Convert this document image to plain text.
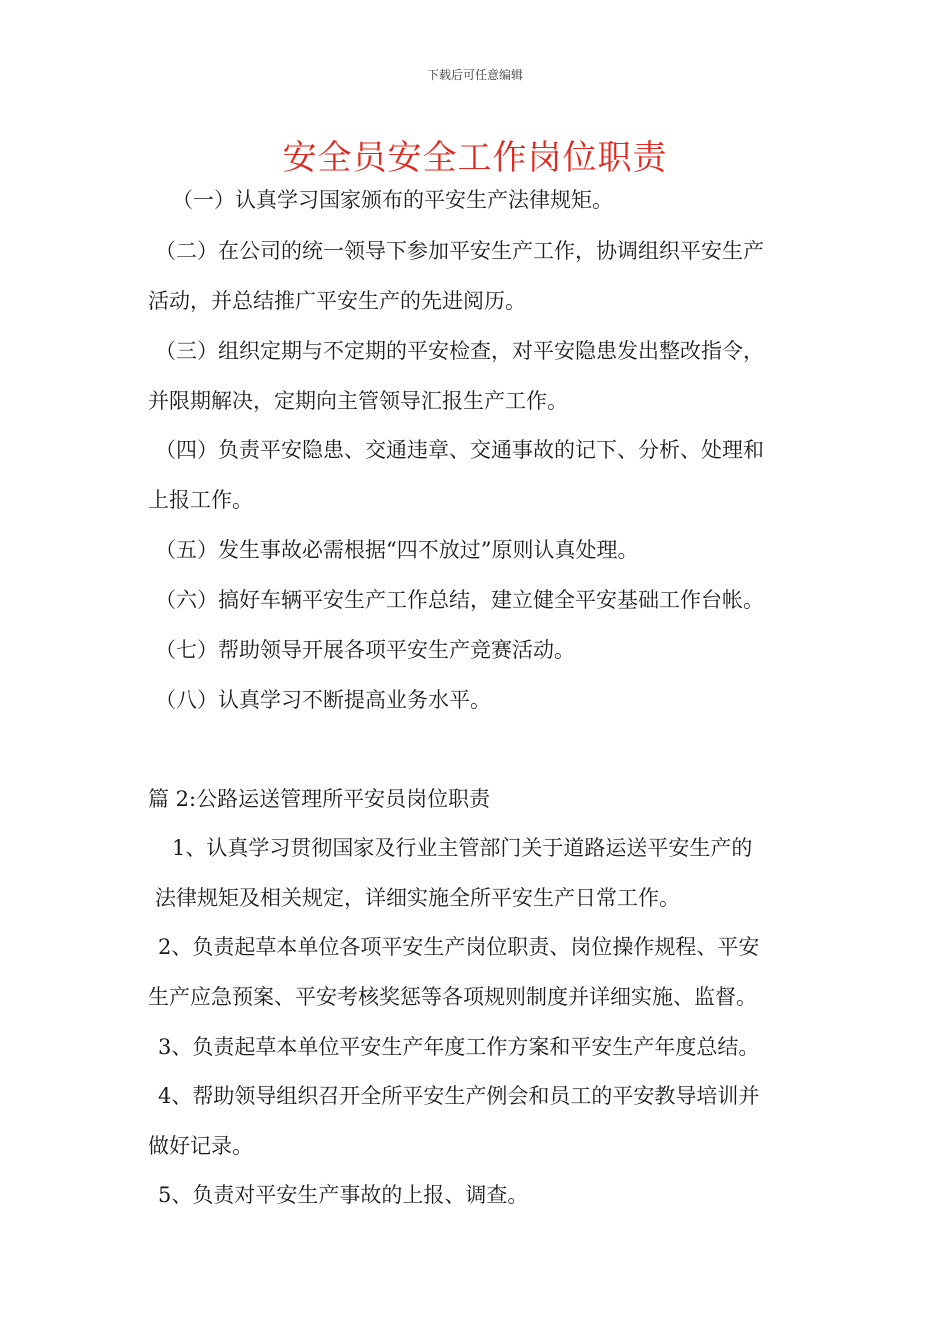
下载后可任意编辑
安全员安全工作岗位职责
（一）认真学习国家颁布的平安生产法律规矩。
（二）在公司的统一领导下参加平安生产工作，协调组织平安生产
活动，并总结推广平安生产的先进阅历。
（三）组织定期与不定期的平安检查，对平安隐患发出整改指令，
并限期解决，定期向主管领导汇报生产工作。
（四）负责平安隐患、交通违章、交通事故的记下、分析、处理和
上报工作。
（五）发生事故必需根据“四不放过”原则认真处理。
（六）搞好车辆平安生产工作总结，建立健全平安基础工作台帐。
（七）帮助领导开展各项平安生产竞赛活动。
（八）认真学习不断提高业务水平。
篇 2:公路运送管理所平安员岗位职责
1、认真学习贯彻国家及行业主管部门关于道路运送平安生产的
法律规矩及相关规定，详细实施全所平安生产日常工作。
2、负责起草本单位各项平安生产岗位职责、岗位操作规程、平安
生产应急预案、平安考核奖惩等各项规则制度并详细实施、监督。
3、负责起草本单位平安生产年度工作方案和平安生产年度总结。
4、帮助领导组织召开全所平安生产例会和员工的平安教导培训并
做好记录。
5、负责对平安生产事故的上报、调查。
